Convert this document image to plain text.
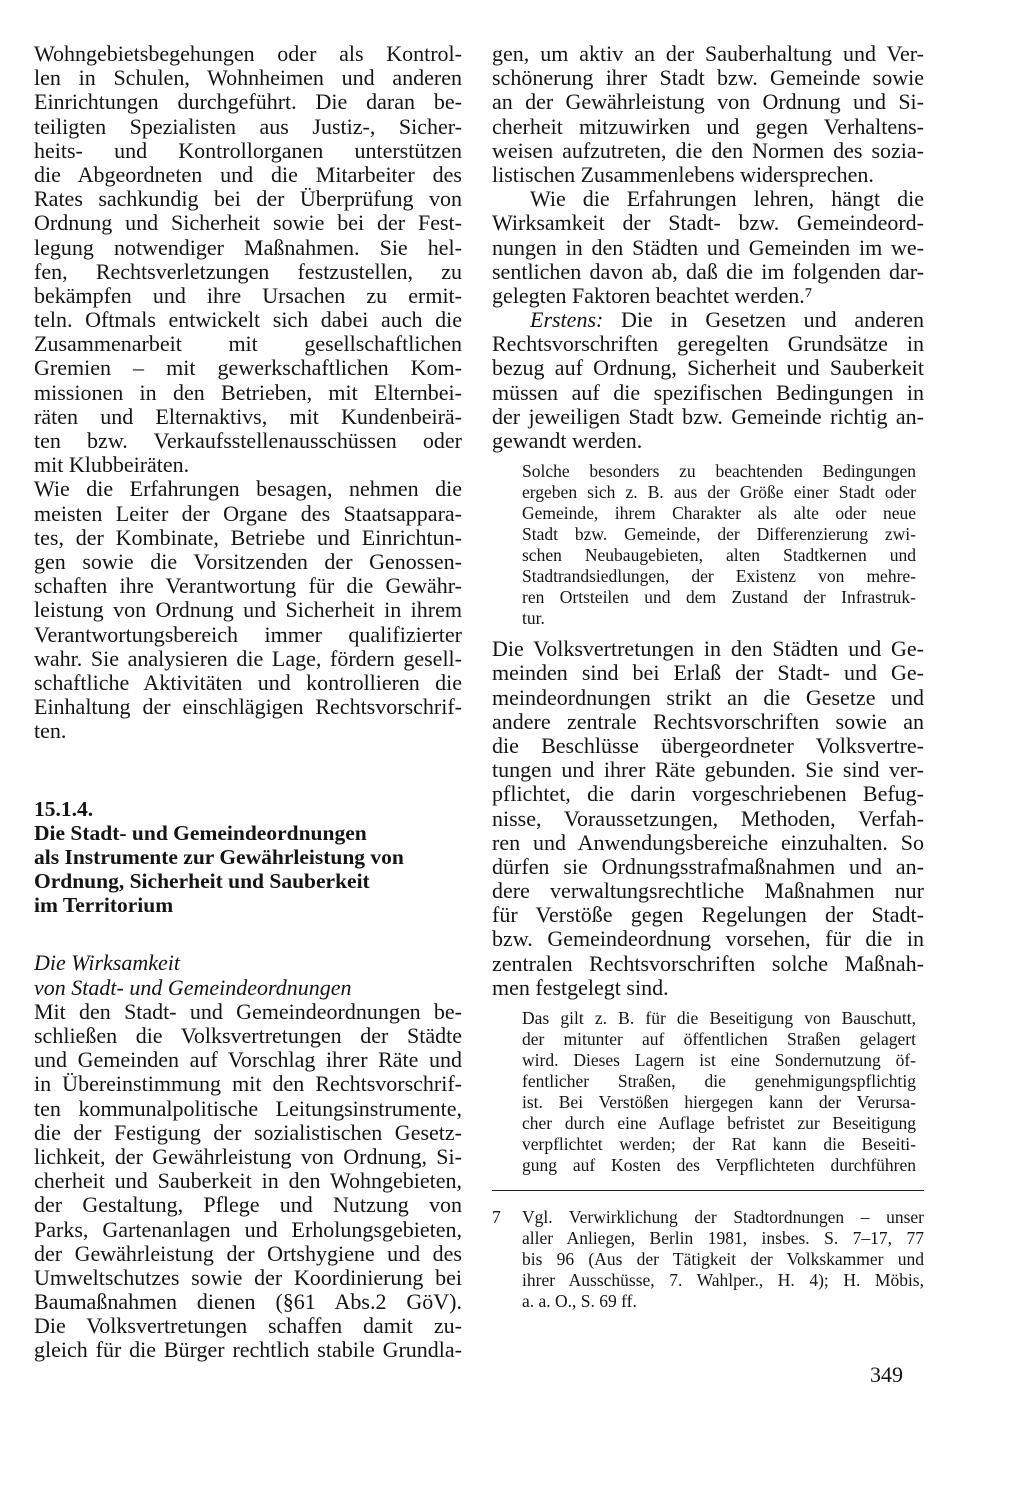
Wohngebietsbegehungen oder als Kontrol-
len in Schulen, Wohnheimen und anderen
Einrichtungen durchgeführt. Die daran be-
teiligten Spezialisten aus Justiz-, Sicher-
heits- und Kontrollorganen unterstützen
die Abgeordneten und die Mitarbeiter des
Rates sachkundig bei der Überprüfung von
Ordnung und Sicherheit sowie bei der Fest-
legung notwendiger Maßnahmen. Sie hel-
fen, Rechtsverletzungen festzustellen, zu
bekämpfen und ihre Ursachen zu ermit-
teln. Oftmals entwickelt sich dabei auch die
Zusammenarbeit mit gesellschaftlichen
Gremien – mit gewerkschaftlichen Kom-
missionen in den Betrieben, mit Elternbei-
räten und Elternaktivs, mit Kundenbeirä-
ten bzw. Verkaufsstellenausschüssen oder
mit Klubbeiräten.
Wie die Erfahrungen besagen, nehmen die
meisten Leiter der Organe des Staatsappara-
tes, der Kombinate, Betriebe und Einrichtun-
gen sowie die Vorsitzenden der Genossen-
schaften ihre Verantwortung für die Gewähr-
leistung von Ordnung und Sicherheit in ihrem
Verantwortungsbereich immer qualifizierter
wahr. Sie analysieren die Lage, fördern gesell-
schaftliche Aktivitäten und kontrollieren die
Einhaltung der einschlägigen Rechtsvorschrif-
ten.
15.1.4.
Die Stadt- und Gemeindeordnungen
als Instrumente zur Gewährleistung von
Ordnung, Sicherheit und Sauberkeit
im Territorium
Die Wirksamkeit
von Stadt- und Gemeindeordnungen
Mit den Stadt- und Gemeindeordnungen be-
schließen die Volksvertretungen der Städte
und Gemeinden auf Vorschlag ihrer Räte und
in Übereinstimmung mit den Rechtsvorschrif-
ten kommunalpolitische Leitungsinstrumente,
die der Festigung der sozialistischen Gesetz-
lichkeit, der Gewährleistung von Ordnung, Si-
cherheit und Sauberkeit in den Wohngebieten,
der Gestaltung, Pflege und Nutzung von
Parks, Gartenanlagen und Erholungsgebieten,
der Gewährleistung der Ortshygiene und des
Umweltschutzes sowie der Koordinierung bei
Baumaßnahmen dienen (§61 Abs.2 GöV).
Die Volksvertretungen schaffen damit zu-
gleich für die Bürger rechtlich stabile Grundla-
gen, um aktiv an der Sauberhaltung und Ver-
schönerung ihrer Stadt bzw. Gemeinde sowie
an der Gewährleistung von Ordnung und Si-
cherheit mitzuwirken und gegen Verhaltens-
weisen aufzutreten, die den Normen des sozia-
listischen Zusammenlebens widersprechen.
Wie die Erfahrungen lehren, hängt die
Wirksamkeit der Stadt- bzw. Gemeindeord-
nungen in den Städten und Gemeinden im we-
sentlichen davon ab, daß die im folgenden dar-
gelegten Faktoren beachtet werden.⁷
Erstens: Die in Gesetzen und anderen
Rechtsvorschriften geregelten Grundsätze in
bezug auf Ordnung, Sicherheit und Sauberkeit
müssen auf die spezifischen Bedingungen in
der jeweiligen Stadt bzw. Gemeinde richtig an-
gewandt werden.
Solche besonders zu beachtenden Bedingungen
ergeben sich z. B. aus der Größe einer Stadt oder
Gemeinde, ihrem Charakter als alte oder neue
Stadt bzw. Gemeinde, der Differenzierung zwi-
schen Neubaugebieten, alten Stadtkernen und
Stadtrandsiedlungen, der Existenz von mehre-
ren Ortsteilen und dem Zustand der Infrastruk-
tur.
Die Volksvertretungen in den Städten und Ge-
meinden sind bei Erlaß der Stadt- und Ge-
meindeordnungen strikt an die Gesetze und
andere zentrale Rechtsvorschriften sowie an
die Beschlüsse übergeordneter Volksvertre-
tungen und ihrer Räte gebunden. Sie sind ver-
pflichtet, die darin vorgeschriebenen Befug-
nisse, Voraussetzungen, Methoden, Verfah-
ren und Anwendungsbereiche einzuhalten. So
dürfen sie Ordnungsstrafmaßnahmen und an-
dere verwaltungsrechtliche Maßnahmen nur
für Verstöße gegen Regelungen der Stadt-
bzw. Gemeindeordnung vorsehen, für die in
zentralen Rechtsvorschriften solche Maßnah-
men festgelegt sind.
Das gilt z. B. für die Beseitigung von Bauschutt,
der mitunter auf öffentlichen Straßen gelagert
wird. Dieses Lagern ist eine Sondernutzung öf-
fentlicher Straßen, die genehmigungspflichtig
ist. Bei Verstößen hiergegen kann der Verursa-
cher durch eine Auflage befristet zur Beseitigung
verpflichtet werden; der Rat kann die Beseiti-
gung auf Kosten des Verpflichteten durchführen
7 Vgl. Verwirklichung der Stadtordnungen – unser
aller Anliegen, Berlin 1981, insbes. S. 7–17, 77
bis 96 (Aus der Tätigkeit der Volkskammer und
ihrer Ausschüsse, 7. Wahlper., H. 4); H. Möbis,
a. a. O., S. 69 ff.
349
